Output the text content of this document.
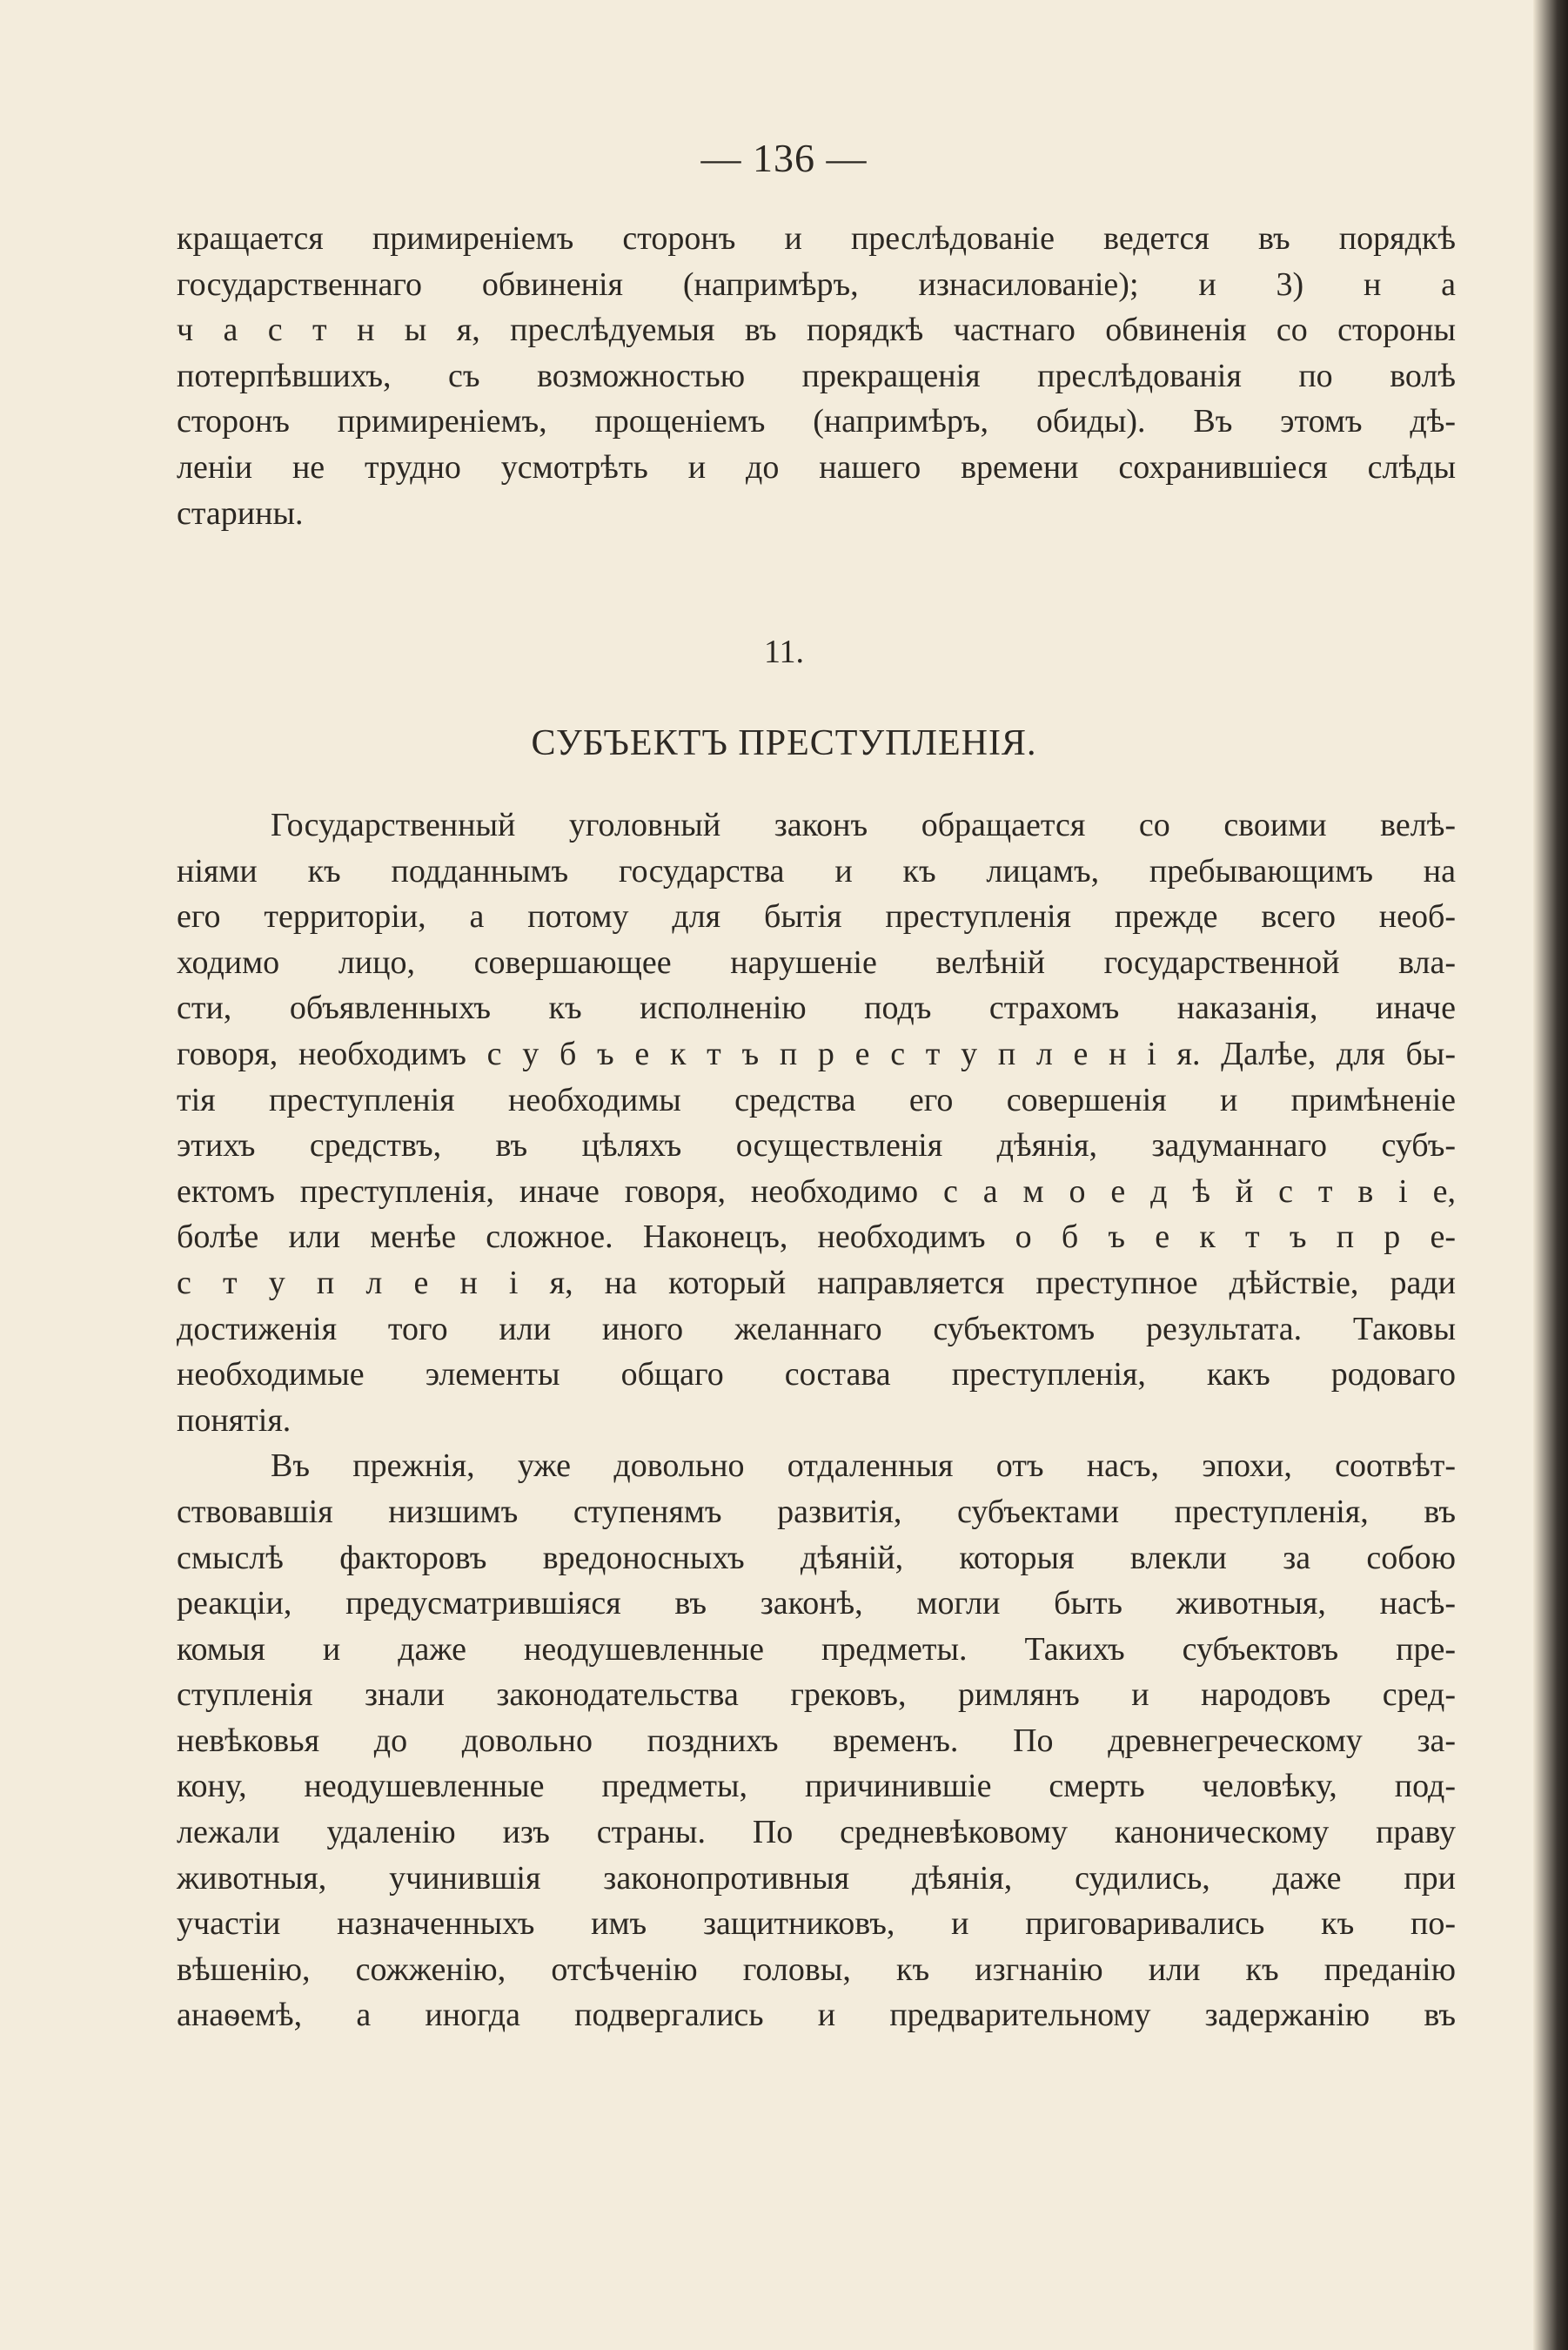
— 136 —
кращается примиреніемъ сторонъ и преслѣдованіе ведется въ порядкѣ
государственнаго обвиненія (напримѣръ, изнасилованіе); и 3) н а
ч а с т н ы я, преслѣдуемыя въ порядкѣ частнаго обвиненія со стороны
потерпѣвшихъ, съ возможностью прекращенія преслѣдованія по волѣ
сторонъ примиреніемъ, прощеніемъ (напримѣръ, обиды). Въ этомъ дѣ-
леніи не трудно усмотрѣть и до нашего времени сохранившіеся слѣды
старины.
11.
СУБЪЕКТЪ ПРЕСТУПЛЕНІЯ.
Государственный уголовный законъ обращается со своими велѣ-
ніями къ подданнымъ государства и къ лицамъ, пребывающимъ на
его территоріи, а потому для бытія преступленія прежде всего необ-
ходимо лицо, совершающее нарушеніе велѣній государственной вла-
сти, объявленныхъ къ исполненію подъ страхомъ наказанія, иначе
говоря, необходимъ с у б ъ е к т ъ п р е с т у п л е н і я. Далѣе, для бы-
тія преступленія необходимы средства его совершенія и примѣненіе
этихъ средствъ, въ цѣляхъ осуществленія дѣянія, задуманнаго субъ-
ектомъ преступленія, иначе говоря, необходимо с а м о е д ѣ й с т в і е,
болѣе или менѣе сложное. Наконецъ, необходимъ о б ъ е к т ъ п р е-
с т у п л е н і я, на который направляется преступное дѣйствіе, ради
достиженія того или иного желаннаго субъектомъ результата. Таковы
необходимые элементы общаго состава преступленія, какъ родоваго
понятія.
Въ прежнія, уже довольно отдаленныя отъ насъ, эпохи, соотвѣт-
ствовавшія низшимъ ступенямъ развитія, субъектами преступленія, въ
смыслѣ факторовъ вредоносныхъ дѣяній, которыя влекли за собою
реакціи, предусматрившіяся въ законѣ, могли быть животныя, насѣ-
комыя и даже неодушевленные предметы. Такихъ субъектовъ пре-
ступленія знали законодательства грековъ, римлянъ и народовъ сред-
невѣковья до довольно позднихъ временъ. По древнегреческому за-
кону, неодушевленные предметы, причинившіе смерть человѣку, под-
лежали удаленію изъ страны. По средневѣковому каноническому праву
животныя, учинившія законопротивныя дѣянія, судились, даже при
участіи назначенныхъ имъ защитниковъ, и приговаривались къ по-
вѣшенію, сожженію, отсѣченію головы, къ изгнанію или къ преданію
анаѳемѣ, а иногда подвергались и предварительному задержанію въ
